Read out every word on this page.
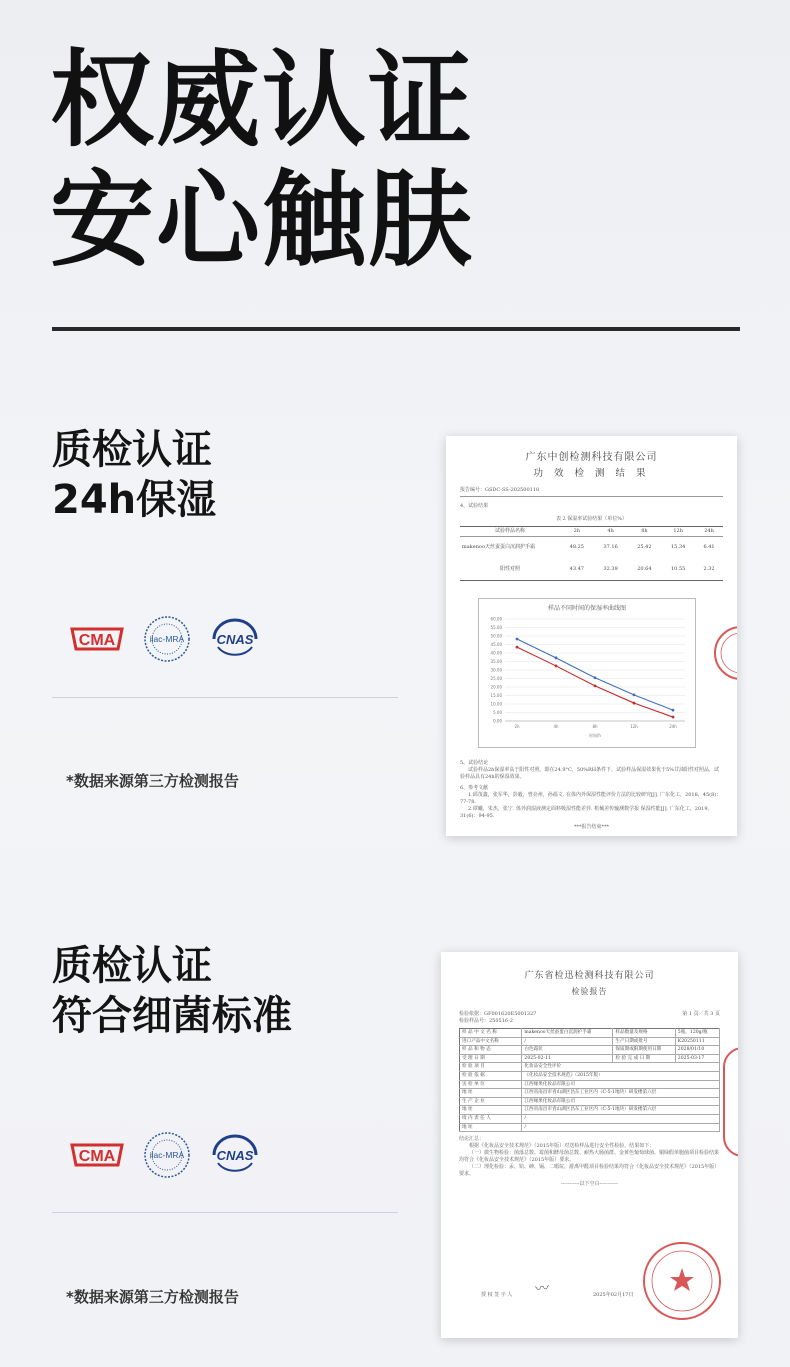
权威认证
安心触肤
质检认证
24h保湿
CMA	ilac-MRA CNAS
*数据来源第三方检测报告
广东中创检测科技有限公司
功 效 检 测 结 果
报告编号：GSDC-SS-202500118
4、试验结果
表 2 保湿率试验结果（单位%）
试验样品名称	2h	4h	8h	12h	24h
makenoo天丝蚕蛋白沉润护手霜	48.25	37.16	25.42	15.34	6.41
阳性对照	43.47	32.39	20.64	10.55	2.32
样品不同时间的保湿率曲线图
0.00
5.00
10.00
15.00
20.00
25.00
30.00
35.00
40.00
45.00
50.00
55.00
60.00
2h	4h	8h	12h	24h
时间/h
5、试验结论
试验样品2h保湿率高于阳性对照。即在24.9°C，50%RH条件下，试验样品保湿效果优于5%甘油阳性对照品，试验样品具有24h的保湿效果。
6、参考文献
1.邱茂鑫，张军华，彭毅，曾亮州，孙福文. 在体内外保湿性能评价方法的比较研究[J]. 广东化工，2018，45(8)：77-78.
2.谭曦，朱杰，张宁. 体外润湿液测定面料吸湿性能差异. 机械差传输测数学报 保湿性能[J]. 广东化工，2019，31(6)：94-95.
***报告结束***
质检认证
符合细菌标准
CMA	ilac-MRA CNAS
*数据来源第三方检测报告
广东省检迅检测科技有限公司
检验报告
检验依据：GF001620E5001327	第 1 页／共 3 页
检验样品号：250516-2
样 品 中 文 名 称	makenoo天丝蚕蛋白沉润护手霜	样品数量及规格	5瓶，120g/瓶
进口产品中文名称	/	生产日期或批号	K20250111
样 品 和 物 态	白色霜状	保质期或限期使用日期	2028/01/10
受 理 日 期	2025-02-11	检 验 完 成 日 期	2025-03-17
检 验 项 目	化妆品安全性评价		
检 验 依 据	《化妆品安全技术规范》（2015年版）		
送 检 单 位	江西缘果化妆品有限公司		
地 址	江西省南昌市青山湖区昌东工业区内（C-5-1地块）研发楼第六层		
生 产 企 业	江西缘果化妆品有限公司		
地 址	江西省南昌市青山湖区昌东工业区内（C-5-1地块）研发楼第六层		
境 内 责 任 人	/		
地 址	/		
结论汇总：
根据《化妆品安全技术规范》（2015年版）对送检样品进行安全性检验，结果如下：
（一）微生物检验：菌落总数、霉菌和酵母菌总数、耐热大肠菌群、金黄色葡萄球菌、铜绿假单胞菌项目检验结果均符合《化妆品安全技术规范》（2015年版）要求。
（二）理化检验：汞、铅、砷、镉、二噁烷、游离甲醛项目检验结果均符合《化妆品安全技术规范》（2015年版）要求。
-----------以下空白-----------
授 权 签 字 人 〰	2025年02月17日
